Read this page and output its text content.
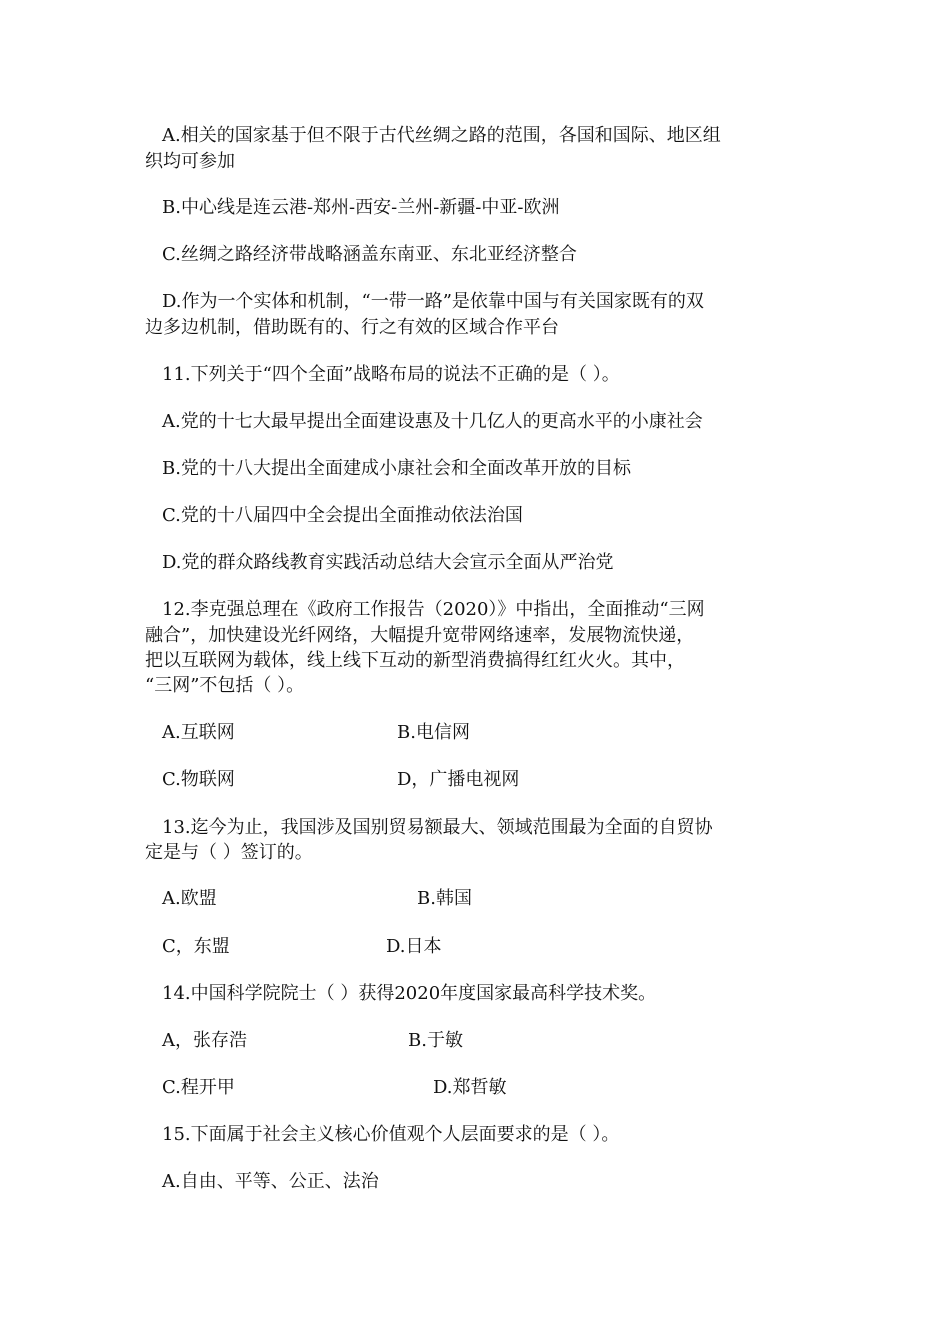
A.相关的国家基于但不限于古代丝绸之路的范围，各国和国际、地区组
织均可参加
B.中心线是连云港-郑州-西安-兰州-新疆-中亚-欧洲
C.丝绸之路经济带战略涵盖东南亚、东北亚经济整合
D.作为一个实体和机制，“一带一路”是依靠中国与有关国家既有的双
边多边机制，借助既有的、行之有效的区域合作平台
11.下列关于“四个全面”战略布局的说法不正确的是（ ）。
A.党的十七大最早提出全面建设惠及十几亿人的更高水平的小康社会
B.党的十八大提出全面建成小康社会和全面改革开放的目标
C.党的十八届四中全会提出全面推动依法治国
D.党的群众路线教育实践活动总结大会宣示全面从严治党
12.李克强总理在《政府工作报告（2020）》中指出，全面推动“三网
融合”，加快建设光纤网络，大幅提升宽带网络速率，发展物流快递，
把以互联网为载体，线上线下互动的新型消费搞得红红火火。其中，
“三网”不包括（ ）。
A.互联网	B.电信网
C.物联网	D，广播电视网
13.迄今为止，我国涉及国别贸易额最大、领域范围最为全面的自贸协
定是与（ ）签订的。
A.欧盟	B.韩国
C，东盟	D.日本
14.中国科学院院士（ ）获得2020年度国家最高科学技术奖。
A，张存浩	B.于敏
C.程开甲	D.郑哲敏
15.下面属于社会主义核心价值观个人层面要求的是（ ）。
A.自由、平等、公正、法治
